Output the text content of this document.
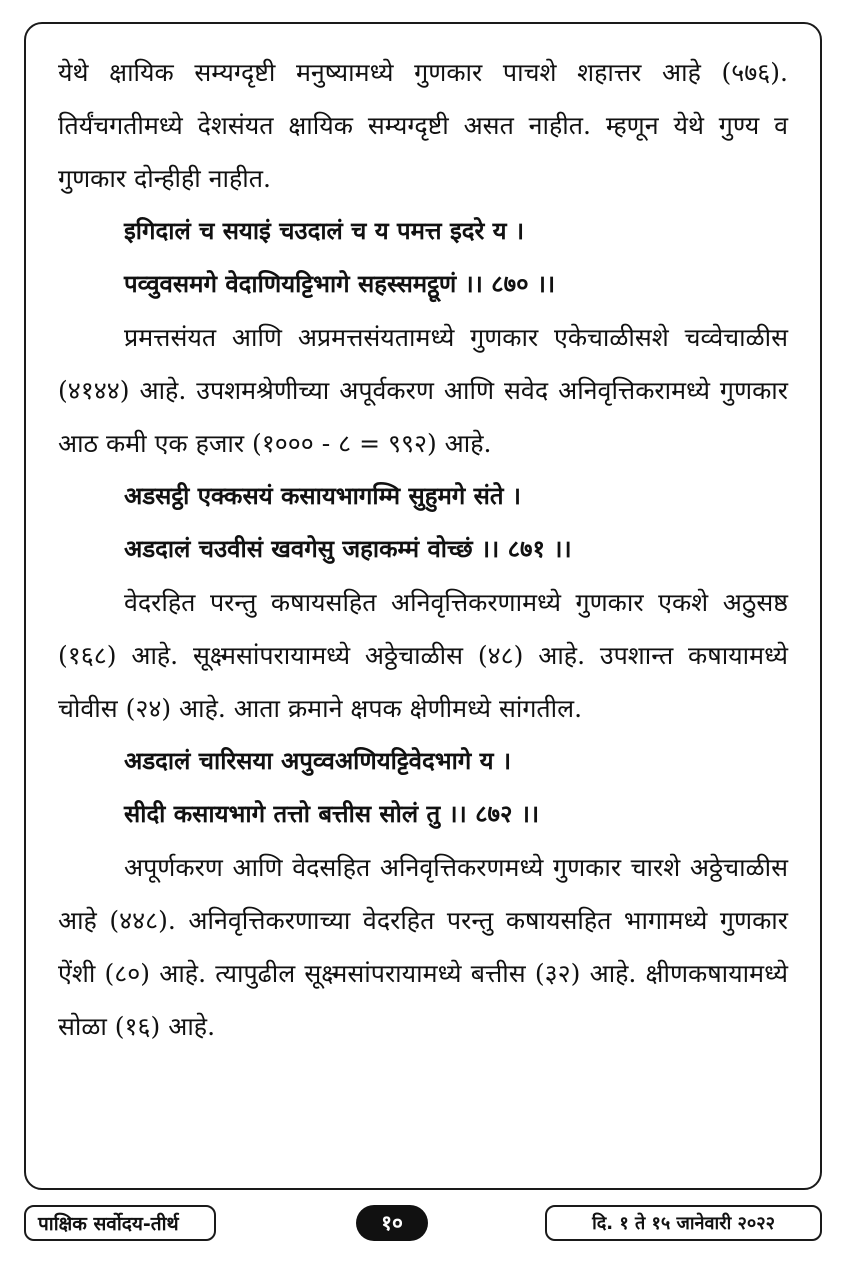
येथे क्षायिक सम्यग्दृष्टी मनुष्यामध्ये गुणकार पाचशे शहात्तर आहे (५७६). तिर्यंचगतीमध्ये देशसंयत क्षायिक सम्यग्दृष्टी असत नाहीत. म्हणून येथे गुण्य व गुणकार दोन्हीही नाहीत.

इगिदालं च सयाइं चउदालं च य पमत्त इदरे य ।

पव्वुवसमगे वेदाणियट्टिभागे सहस्समट्ठूणं ।। ८७० ।।

प्रमत्तसंयत आणि अप्रमत्तसंयतामध्ये गुणकार एकेचाळीसशे चव्वेचाळीस (४१४४) आहे. उपशमश्रेणीच्या अपूर्वकरण आणि सवेद अनिवृत्तिकरामध्ये गुणकार आठ कमी एक हजार (१००० - ८ = ९९२) आहे.

अडसट्ठी एक्कसयं कसायभागम्मि सुहुमगे संते ।

अडदालं चउवीसं खवगेसु जहाकम्मं वोच्छं ।। ८७१ ।।

वेदरहित परन्तु कषायसहित अनिवृत्तिकरणामध्ये गुणकार एकशे अठुसष्ठ (१६८) आहे. सूक्ष्मसांपरायामध्ये अठ्ठेचाळीस (४८) आहे. उपशान्त कषायामध्ये चोवीस (२४) आहे. आता क्रमाने क्षपक क्षेणीमध्ये सांगतील.

अडदालं चारिसया अपुव्वअणियट्टिवेदभागे य ।

सीदी कसायभागे तत्तो बत्तीस सोलं तु ।। ८७२ ।।

अपूर्णकरण आणि वेदसहित अनिवृत्तिकरणमध्ये गुणकार चारशे अठ्ठेचाळीस आहे (४४८). अनिवृत्तिकरणाच्या वेदरहित परन्तु कषायसहित भागामध्ये गुणकार ऐंशी (८०) आहे. त्यापुढील सूक्ष्मसांपरायामध्ये बत्तीस (३२) आहे. क्षीणकषायामध्ये सोळा (१६) आहे.

पाक्षिक सर्वोदय-तीर्थ	१०	दि. १ ते १५ जानेवारी २०२२
